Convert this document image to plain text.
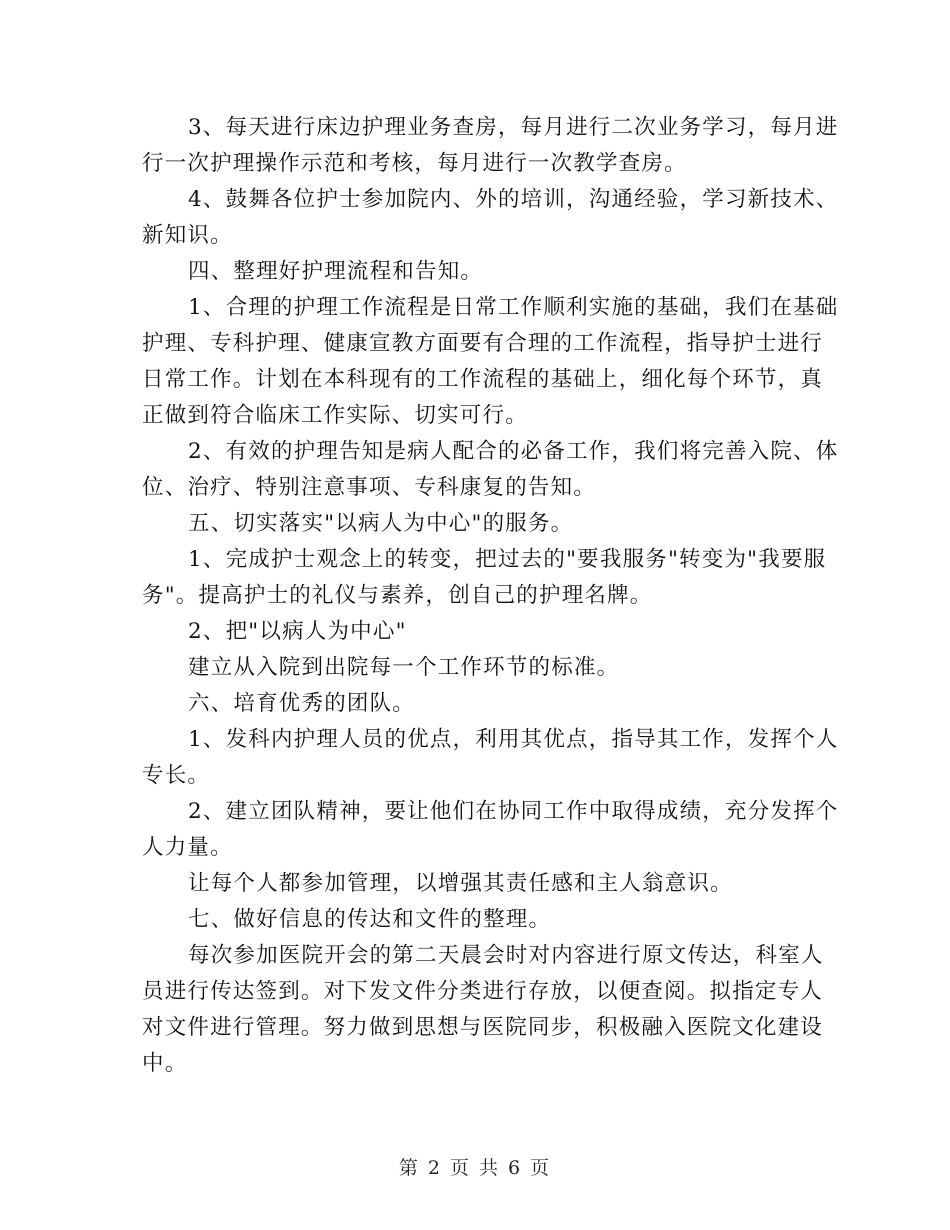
3、每天进行床边护理业务查房，每月进行二次业务学习，每月进
行一次护理操作示范和考核，每月进行一次教学查房。
4、鼓舞各位护士参加院内、外的培训，沟通经验，学习新技术、
新知识。
四、整理好护理流程和告知。
1、合理的护理工作流程是日常工作顺利实施的基础，我们在基础
护理、专科护理、健康宣教方面要有合理的工作流程，指导护士进行
日常工作。计划在本科现有的工作流程的基础上，细化每个环节，真
正做到符合临床工作实际、切实可行。
2、有效的护理告知是病人配合的必备工作，我们将完善入院、体
位、治疗、特别注意事项、专科康复的告知。
五、切实落实"以病人为中心"的服务。
1、完成护士观念上的转变，把过去的"要我服务"转变为"我要服
务"。提高护士的礼仪与素养，创自己的护理名牌。
2、把"以病人为中心"
建立从入院到出院每一个工作环节的标准。
六、培育优秀的团队。
1、发科内护理人员的优点，利用其优点，指导其工作，发挥个人
专长。
2、建立团队精神，要让他们在协同工作中取得成绩，充分发挥个
人力量。
让每个人都参加管理，以增强其责任感和主人翁意识。
七、做好信息的传达和文件的整理。
每次参加医院开会的第二天晨会时对内容进行原文传达，科室人
员进行传达签到。对下发文件分类进行存放，以便查阅。拟指定专人
对文件进行管理。努力做到思想与医院同步，积极融入医院文化建设
中。
第 2 页 共 6 页
